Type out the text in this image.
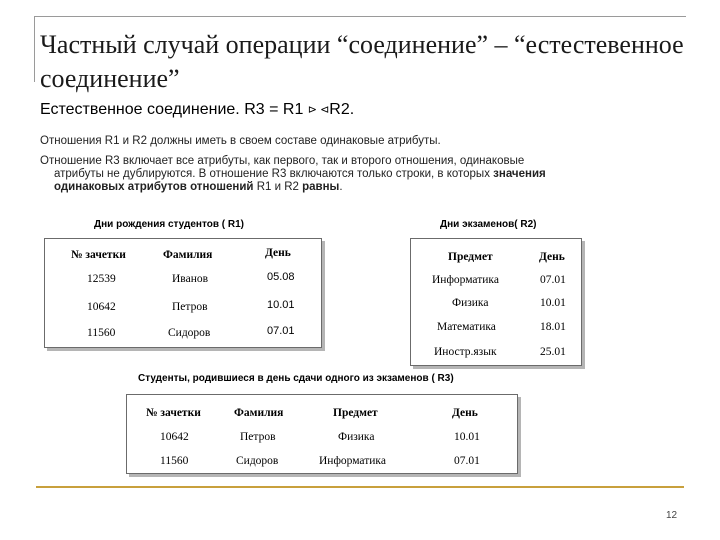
Частный случай операции “соединение” – “естестевенное соединение”
Естественное соединение. R3 = R1 ⊳ ⊲R2.
Отношения R1 и R2 должны иметь в своем составе одинаковые атрибуты.
Отношение R3 включает все атрибуты, как первого, так и второго отношения, одинаковые
атрибуты не дублируются. В отношение R3 включаются только строки, в которых значения
одинаковых атрибутов отношений R1 и R2 равны.
Дни рождения студентов ( R1)
№ зачетки	Фамилия	День
12539	Иванов	05.08
10642	Петров	10.01
11560	Сидоров	07.01
Дни экзаменов( R2)
Предмет	День
Информатика	07.01
Физика	10.01
Математика	18.01
Иностр.язык	25.01
Студенты, родившиеся в день сдачи одного из экзаменов ( R3)
№ зачетки	Фамилия	Предмет	День
10642	Петров	Физика	10.01
11560	Сидоров	Информатика	07.01
12
